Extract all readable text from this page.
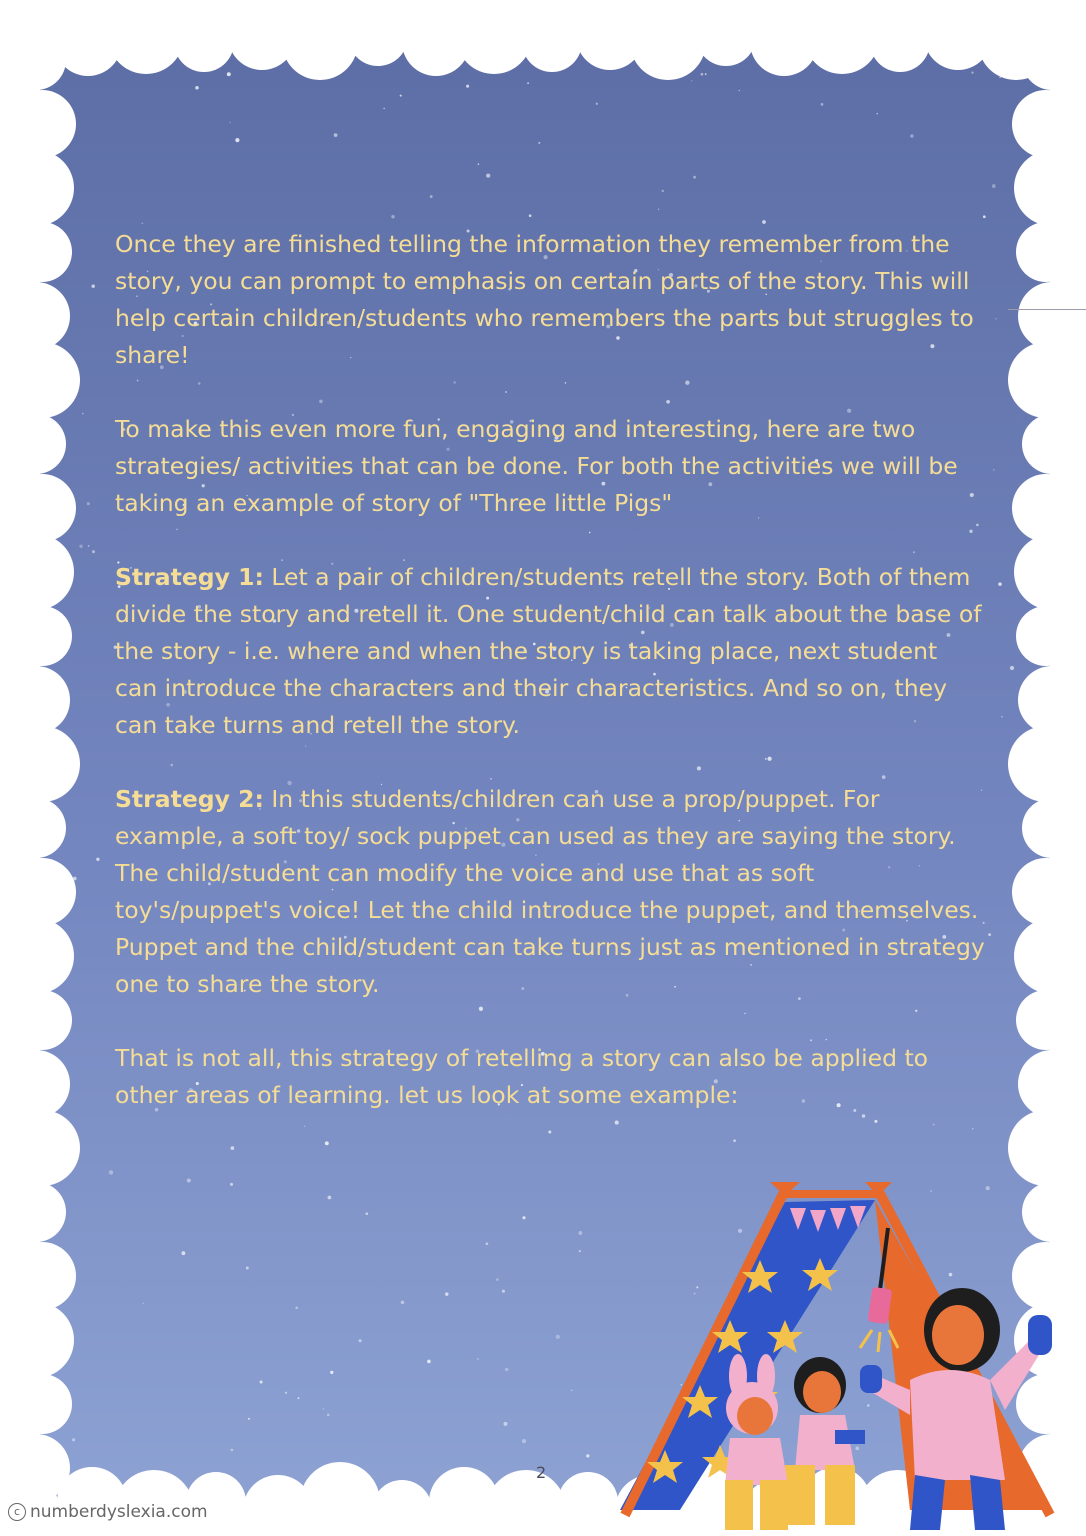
Once they are finished telling the information they remember from the story, you can prompt to emphasis on certain parts of the story. This will help certain children/students who remembers the parts but struggles to share!

To make this even more fun, engaging and interesting, here are two strategies/ activities that can be done. For both the activities we will be taking an example of story of "Three little Pigs"

Strategy 1: Let a pair of children/students retell the story. Both of them divide the story and retell it. One student/child can talk about the base of the story - i.e. where and when the story is taking place, next student can introduce the characters and their characteristics. And so on, they can take turns and retell the story.

Strategy 2: In this students/children can use a prop/puppet. For example, a soft toy/ sock puppet can used as they are saying the story. The child/student can modify the voice and use that as soft toy's/puppet's voice! Let the child introduce the puppet, and themselves. Puppet and the child/student can take turns just as mentioned in strategy one to share the story.

That is not all, this strategy of retelling a story can also be applied to other areas of learning. let us look at some example:

2
c numberdyslexia.com
